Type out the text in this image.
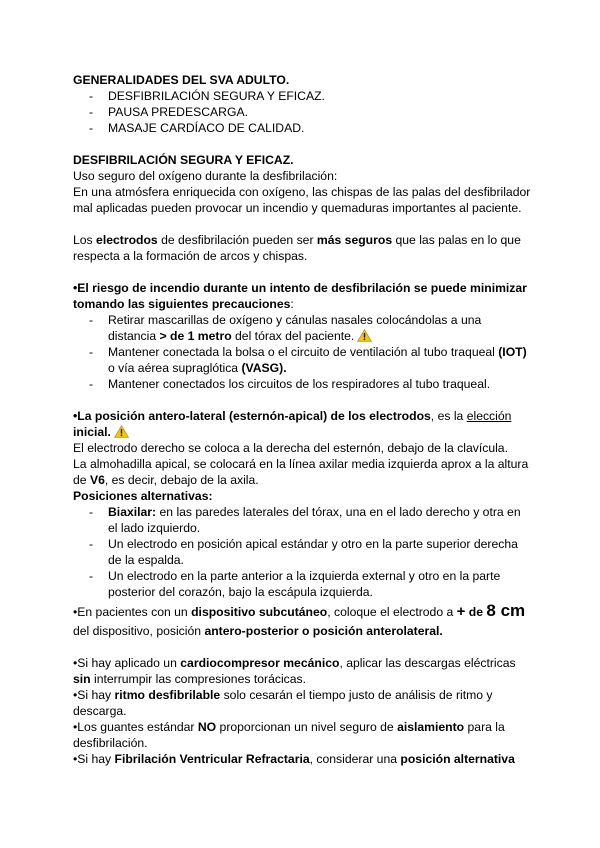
GENERALIDADES DEL SVA ADULTO.
- DESFIBRILACIÓN SEGURA Y EFICAZ.
- PAUSA PREDESCARGA.
- MASAJE CARDÍACO DE CALIDAD.
DESFIBRILACIÓN SEGURA Y EFICAZ.
Uso seguro del oxígeno durante la desfibrilación:
En una atmósfera enriquecida con oxígeno, las chispas de las palas del desfibrilador
mal aplicadas pueden provocar un incendio y quemaduras importantes al paciente.
Los electrodos de desfibrilación pueden ser más seguros que las palas en lo que
respecta a la formación de arcos y chispas.
•El riesgo de incendio durante un intento de desfibrilación se puede minimizar
tomando las siguientes precauciones:
- Retirar mascarillas de oxígeno y cánulas nasales colocándolas a una
distancia > de 1 metro del tórax del paciente.
- Mantener conectada la bolsa o el circuito de ventilación al tubo traqueal (IOT)
o vía aérea supraglótica (VASG).
- Mantener conectados los circuitos de los respiradores al tubo traqueal.
•La posición antero-lateral (esternón-apical) de los electrodos, es la elección
inicial.
El electrodo derecho se coloca a la derecha del esternón, debajo de la clavícula.
La almohadilla apical, se colocará en la línea axilar media izquierda aprox a la altura
de V6, es decir, debajo de la axila.
Posiciones alternativas:
- Biaxilar: en las paredes laterales del tórax, una en el lado derecho y otra en
el lado izquierdo.
- Un electrodo en posición apical estándar y otro en la parte superior derecha
de la espalda.
- Un electrodo en la parte anterior a la izquierda external y otro en la parte
posterior del corazón, bajo la escápula izquierda.
•En pacientes con un dispositivo subcutáneo, coloque el electrodo a + de 8 cm
del dispositivo, posición antero-posterior o posición anterolateral.
•Si hay aplicado un cardiocompresor mecánico, aplicar las descargas eléctricas
sin interrumpir las compresiones torácicas.
•Si hay ritmo desfibrilable solo cesarán el tiempo justo de análisis de ritmo y
descarga.
•Los guantes estándar NO proporcionan un nivel seguro de aislamiento para la
desfibrilación.
•Si hay Fibrilación Ventricular Refractaria, considerar una posición alternativa
